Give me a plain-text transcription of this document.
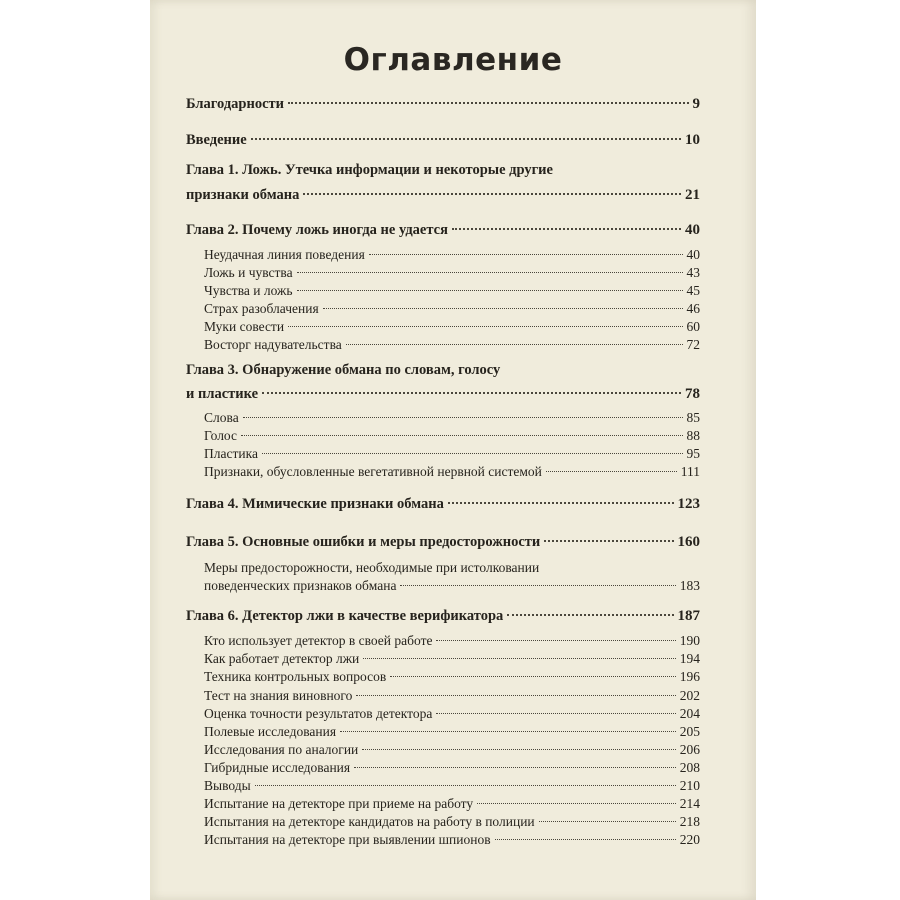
Оглавление
Благодарности	9
Введение	10
Глава 1. Ложь. Утечка информации и некоторые другие
признаки обмана	21
Глава 2. Почему ложь иногда не удается	40
Неудачная линия поведения	40
Ложь и чувства	43
Чувства и ложь	45
Страх разоблачения	46
Муки совести	60
Восторг надувательства	72
Глава 3. Обнаружение обмана по словам, голосу
и пластике	78
Слова	85
Голос	88
Пластика	95
Признаки, обусловленные вегетативной нервной системой	111
Глава 4. Мимические признаки обмана	123
Глава 5. Основные ошибки и меры предосторожности	160
Меры предосторожности, необходимые при истолковании
поведенческих признаков обмана	183
Глава 6. Детектор лжи в качестве верификатора	187
Кто использует детектор в своей работе	190
Как работает детектор лжи	194
Техника контрольных вопросов	196
Тест на знания виновного	202
Оценка точности результатов детектора	204
Полевые исследования	205
Исследования по аналогии	206
Гибридные исследования	208
Выводы	210
Испытание на детекторе при приеме на работу	214
Испытания на детекторе кандидатов на работу в полиции	218
Испытания на детекторе при выявлении шпионов	220
